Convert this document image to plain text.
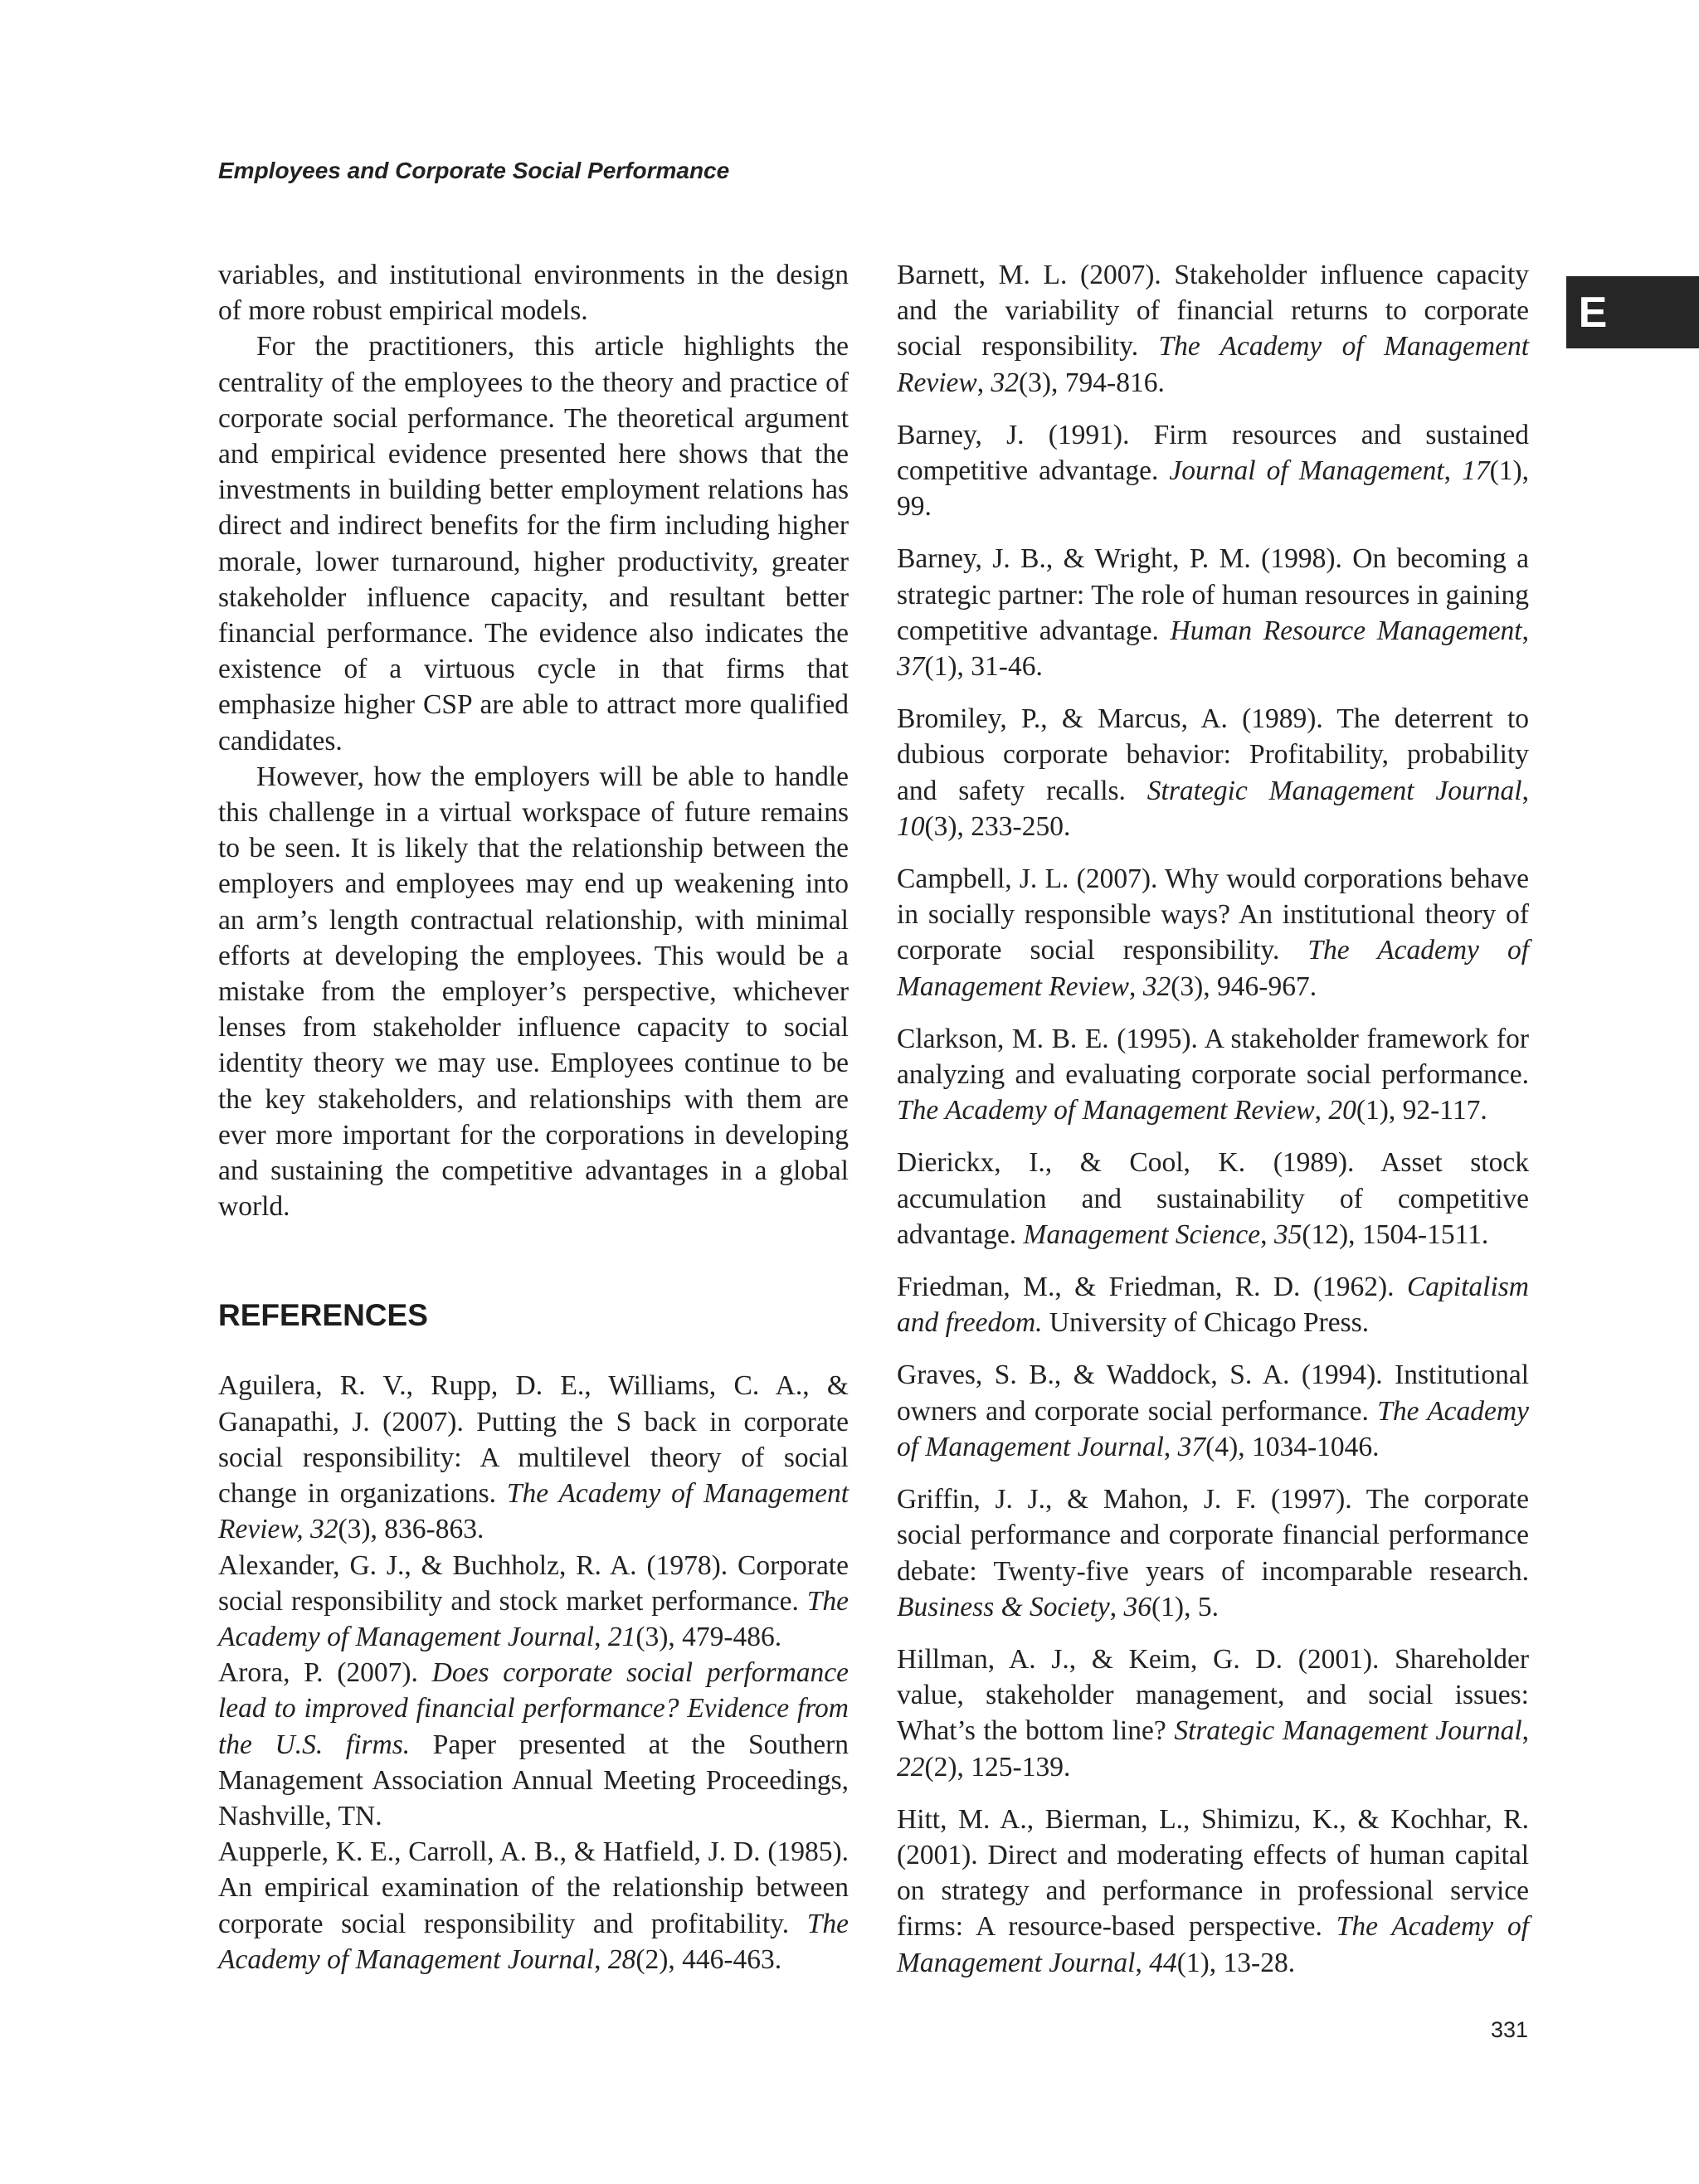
Employees and Corporate Social Performance
E

variables, and institutional environments in the design of more robust empirical models.

For the practitioners, this article highlights the centrality of the employees to the theory and practice of corporate social performance. The theoretical argument and empirical evidence presented here shows that the investments in building better employment relations has direct and indirect benefits for the firm including higher morale, lower turnaround, higher productivity, greater stakeholder influence capacity, and resultant better financial performance. The evidence also indicates the existence of a virtuous cycle in that firms that emphasize higher CSP are able to attract more qualified candidates.

However, how the employers will be able to handle this challenge in a virtual workspace of future remains to be seen. It is likely that the relationship between the employers and employees may end up weakening into an arm’s length contractual relationship, with minimal efforts at developing the employees. This would be a mistake from the employer’s perspective, whichever lenses from stakeholder influence capacity to social identity theory we may use. Employees continue to be the key stakeholders, and relationships with them are ever more important for the corporations in developing and sustaining the competitive advantages in a global world.

REFERENCES

Aguilera, R. V., Rupp, D. E., Williams, C. A., & Ganapathi, J. (2007). Putting the S back in corporate social responsibility: A multilevel theory of social change in organizations. The Academy of Management Review, 32(3), 836-863.

Alexander, G. J., & Buchholz, R. A. (1978). Corporate social responsibility and stock market performance. The Academy of Management Journal, 21(3), 479-486.

Arora, P. (2007). Does corporate social performance lead to improved financial performance? Evidence from the U.S. firms. Paper presented at the Southern Management Association Annual Meeting Proceedings, Nashville, TN.

Aupperle, K. E., Carroll, A. B., & Hatfield, J. D. (1985). An empirical examination of the relationship between corporate social responsibility and profitability. The Academy of Management Journal, 28(2), 446-463.

Barnett, M. L. (2007). Stakeholder influence capacity and the variability of financial returns to corporate social responsibility. The Academy of Management Review, 32(3), 794-816.

Barney, J. (1991). Firm resources and sustained competitive advantage. Journal of Management, 17(1), 99.

Barney, J. B., & Wright, P. M. (1998). On becoming a strategic partner: The role of human resources in gaining competitive advantage. Human Resource Management, 37(1), 31-46.

Bromiley, P., & Marcus, A. (1989). The deterrent to dubious corporate behavior: Profitability, probability and safety recalls. Strategic Management Journal, 10(3), 233-250.

Campbell, J. L. (2007). Why would corporations behave in socially responsible ways? An institutional theory of corporate social responsibility. The Academy of Management Review, 32(3), 946-967.

Clarkson, M. B. E. (1995). A stakeholder framework for analyzing and evaluating corporate social performance. The Academy of Management Review, 20(1), 92-117.

Dierickx, I., & Cool, K. (1989). Asset stock accumulation and sustainability of competitive advantage. Management Science, 35(12), 1504-1511.

Friedman, M., & Friedman, R. D. (1962). Capitalism and freedom. University of Chicago Press.

Graves, S. B., & Waddock, S. A. (1994). Institutional owners and corporate social performance. The Academy of Management Journal, 37(4), 1034-1046.

Griffin, J. J., & Mahon, J. F. (1997). The corporate social performance and corporate financial performance debate: Twenty-five years of incomparable research. Business & Society, 36(1), 5.

Hillman, A. J., & Keim, G. D. (2001). Shareholder value, stakeholder management, and social issues: What’s the bottom line? Strategic Management Journal, 22(2), 125-139.

Hitt, M. A., Bierman, L., Shimizu, K., & Kochhar, R. (2001). Direct and moderating effects of human capital on strategy and performance in professional service firms: A resource-based perspective. The Academy of Management Journal, 44(1), 13-28.

331
